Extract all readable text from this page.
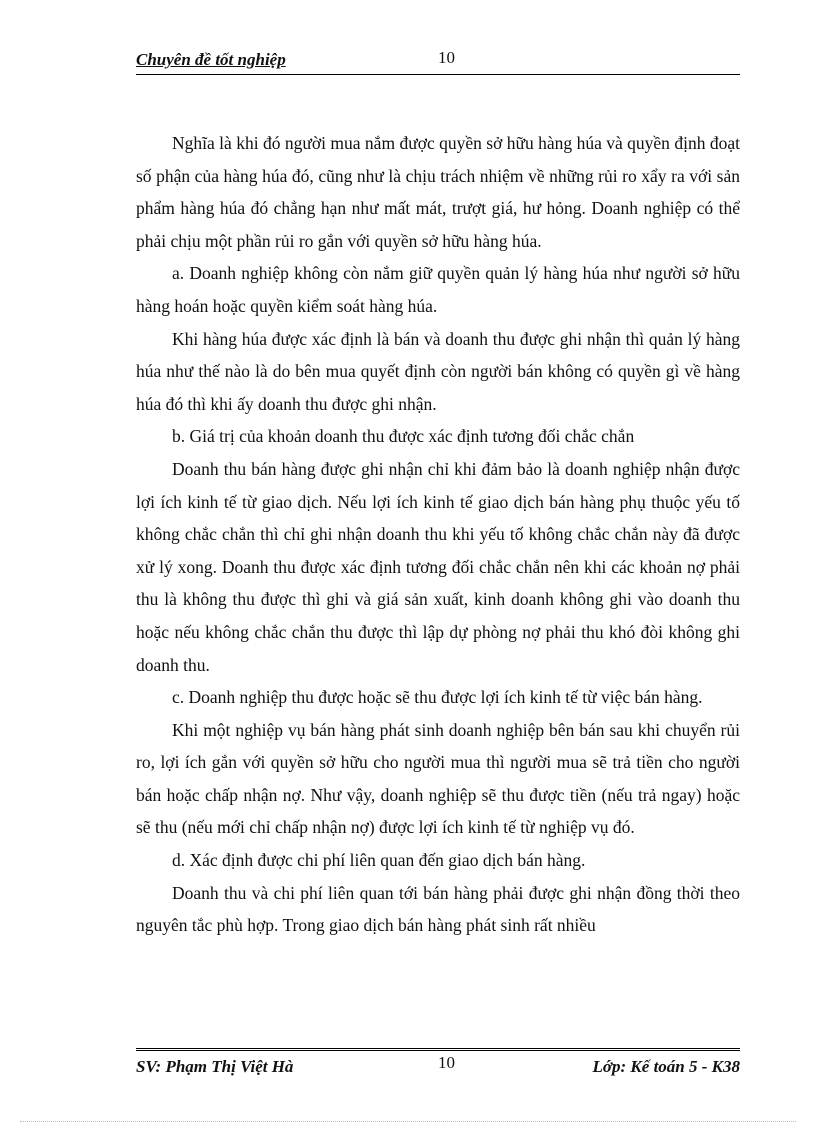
Chuyên đề tốt nghiệp	10

Nghĩa là khi đó người mua nắm được quyền sở hữu hàng húa và quyền định đoạt số phận của hàng húa đó, cũng như là chịu trách nhiệm về những rủi ro xẩy ra với sản phẩm hàng húa đó chẳng hạn như mất mát, trượt giá, hư hỏng. Doanh nghiệp có thể phải chịu một phần rủi ro gắn với quyền sở hữu hàng húa.

a. Doanh nghiệp không còn nắm giữ quyền quản lý hàng húa như người sở hữu hàng hoán hoặc quyền kiểm soát hàng húa.

Khi hàng húa được xác định là bán và doanh thu được ghi nhận thì quản lý hàng húa như thế nào là do bên mua quyết định còn người bán không có quyền gì về hàng húa đó thì khi ấy doanh thu được ghi nhận.

b. Giá trị của khoản doanh thu được xác định tương đối chắc chắn

Doanh thu bán hàng được ghi nhận chỉ khi đảm bảo là doanh nghiệp nhận được lợi ích kinh tế từ giao dịch. Nếu lợi ích kinh tế giao dịch bán hàng phụ thuộc yếu tố không chắc chắn thì chỉ ghi nhận doanh thu khi yếu tố không chắc chắn này đã được xử lý xong. Doanh thu được xác định tương đối chắc chắn nên khi các khoản nợ phải thu là không thu được thì ghi và giá sản xuất, kinh doanh không ghi vào doanh thu hoặc nếu không chắc chắn thu được thì lập dự phòng nợ phải thu khó đòi không ghi doanh thu.

c. Doanh nghiệp thu được hoặc sẽ thu được lợi ích kinh tế từ việc bán hàng.

Khi một nghiệp vụ bán hàng phát sinh doanh nghiệp bên bán sau khi chuyển rủi ro, lợi ích gắn với quyền sở hữu cho người mua thì người mua sẽ trả tiền cho người bán hoặc chấp nhận nợ. Như vậy, doanh nghiệp sẽ thu được tiền (nếu trả ngay) hoặc sẽ thu (nếu mới chỉ chấp nhận nợ) được lợi ích kinh tế từ nghiệp vụ đó.

d. Xác định được chi phí liên quan đến giao dịch bán hàng.

Doanh thu và chi phí liên quan tới bán hàng phải được ghi nhận đồng thời theo nguyên tắc phù hợp. Trong giao dịch bán hàng phát sinh rất nhiều

SV: Phạm Thị Việt Hà	10	Lớp: Kế toán 5 - K38
